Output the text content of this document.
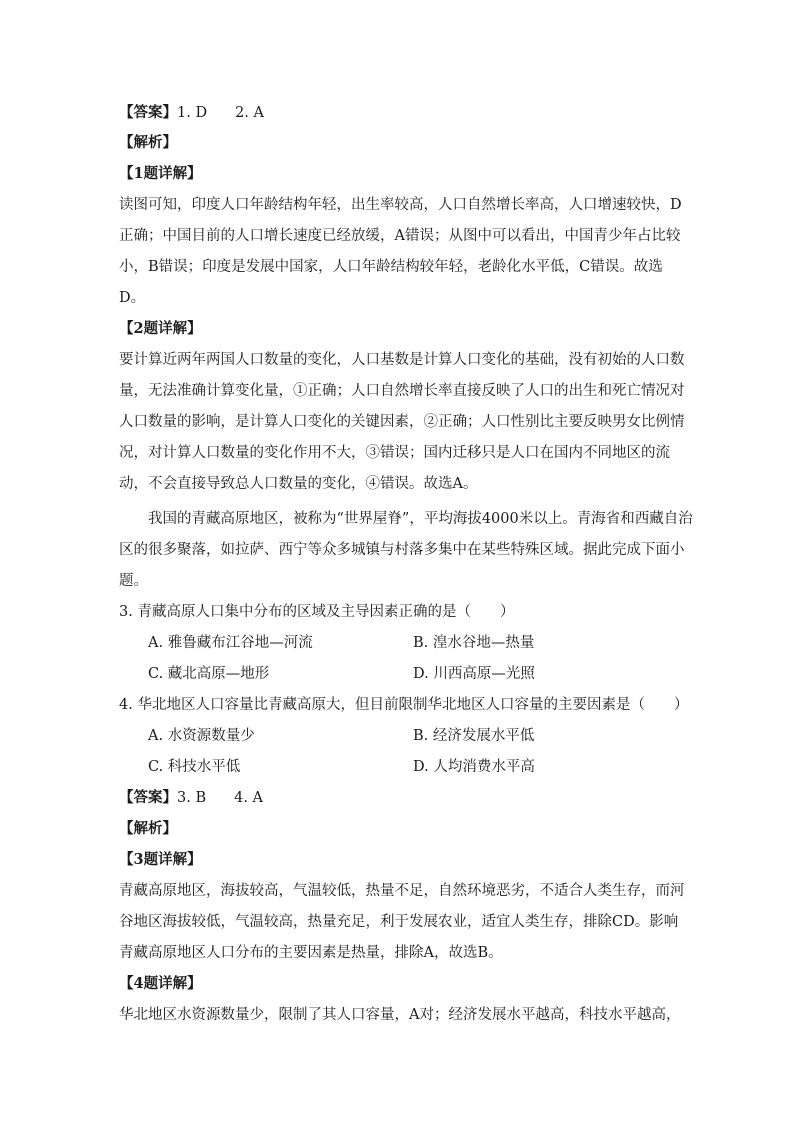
【答案】1. D 2. A
【解析】
【1题详解】
读图可知，印度人口年龄结构年轻，出生率较高，人口自然增长率高，人口增速较快，D
正确；中国目前的人口增长速度已经放缓，A错误；从图中可以看出，中国青少年占比较
小，B错误；印度是发展中国家，人口年龄结构较年轻，老龄化水平低，C错误。故选
D。
【2题详解】
要计算近两年两国人口数量的变化，人口基数是计算人口变化的基础，没有初始的人口数
量，无法准确计算变化量，①正确；人口自然增长率直接反映了人口的出生和死亡情况对
人口数量的影响，是计算人口变化的关键因素，②正确；人口性别比主要反映男女比例情
况，对计算人口数量的变化作用不大，③错误；国内迁移只是人口在国内不同地区的流
动，不会直接导致总人口数量的变化，④错误。故选A。
我国的青藏高原地区，被称为“世界屋脊”，平均海拔4000米以上。青海省和西藏自治
区的很多聚落，如拉萨、西宁等众多城镇与村落多集中在某些特殊区域。据此完成下面小
题。
3. 青藏高原人口集中分布的区域及主导因素正确的是（　　）
A. 雅鲁藏布江谷地—河流	B. 湟水谷地—热量
C. 藏北高原—地形	D. 川西高原—光照
4. 华北地区人口容量比青藏高原大，但目前限制华北地区人口容量的主要因素是（　　）
A. 水资源数量少	B. 经济发展水平低
C. 科技水平低	D. 人均消费水平高
【答案】3. B 4. A
【解析】
【3题详解】
青藏高原地区，海拔较高，气温较低，热量不足，自然环境恶劣，不适合人类生存，而河
谷地区海拔较低，气温较高，热量充足，利于发展农业，适宜人类生存，排除CD。影响
青藏高原地区人口分布的主要因素是热量，排除A，故选B。
【4题详解】
华北地区水资源数量少，限制了其人口容量，A对；经济发展水平越高，科技水平越高，
